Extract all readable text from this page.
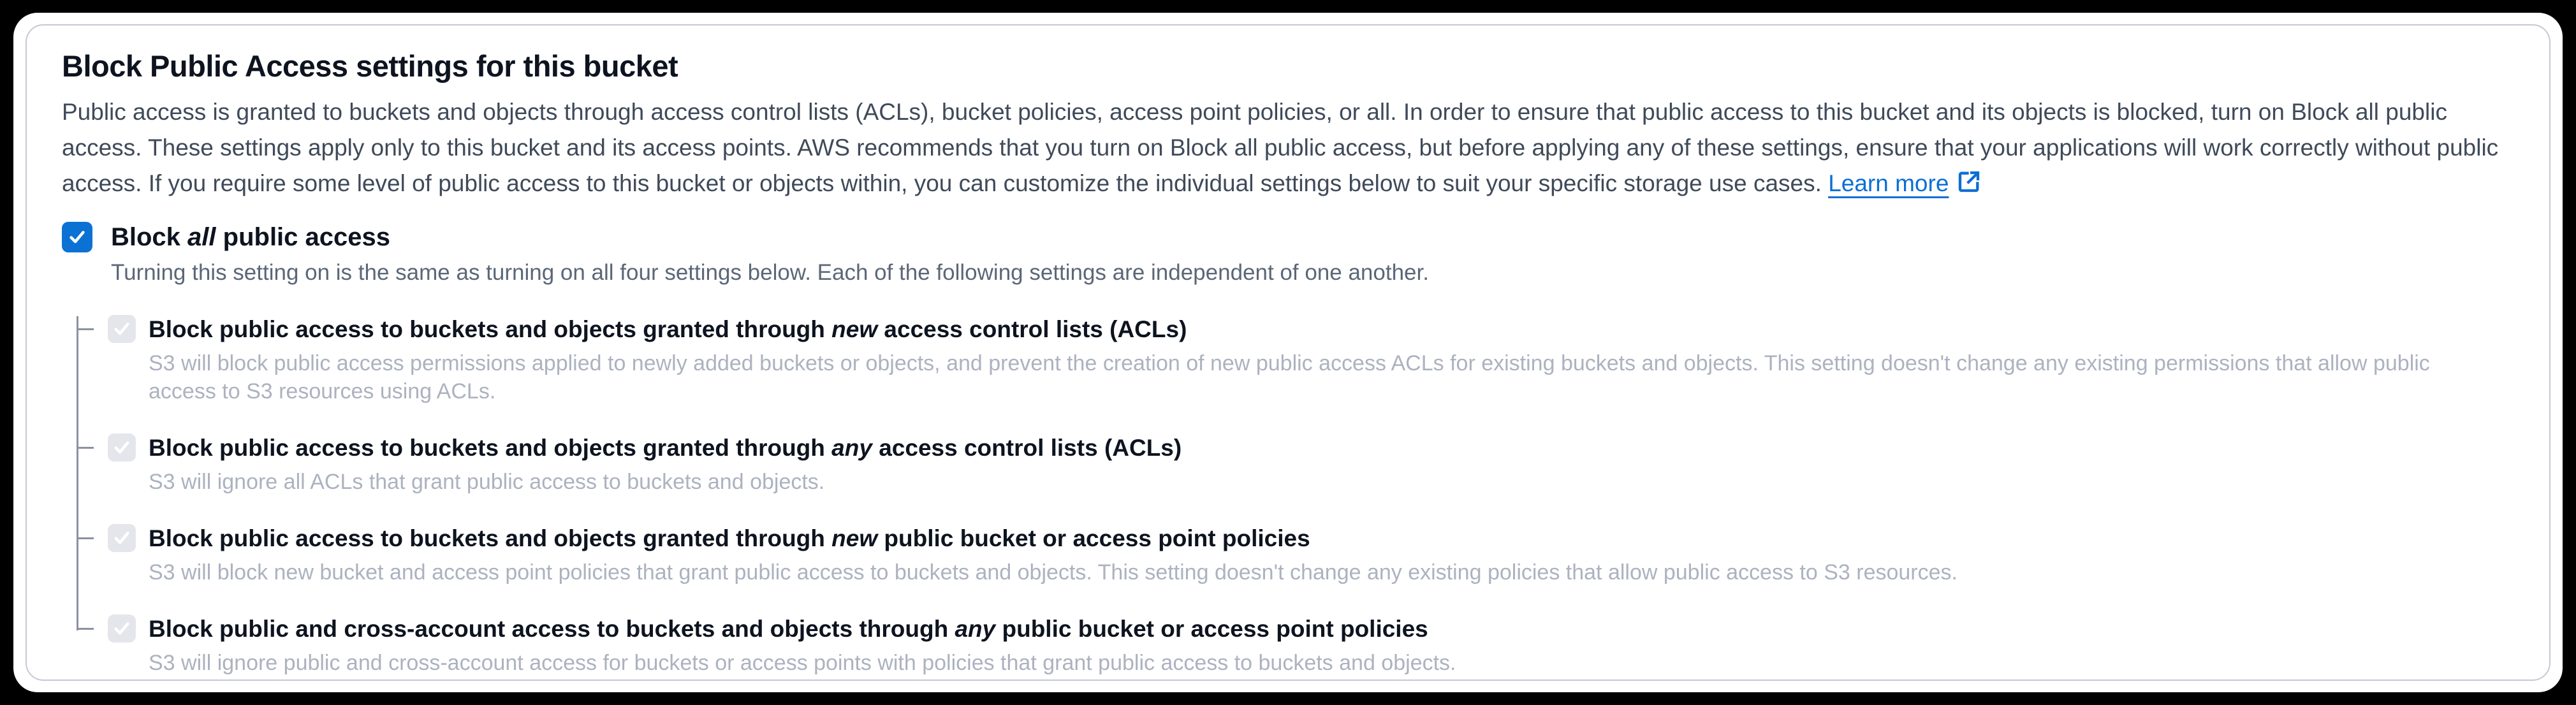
Block Public Access settings for this bucket
Public access is granted to buckets and objects through access control lists (ACLs), bucket policies, access point policies, or all. In order to ensure that public access to this bucket and its objects is blocked, turn on Block all public access. These settings apply only to this bucket and its access points. AWS recommends that you turn on Block all public access, but before applying any of these settings, ensure that your applications will work correctly without public access. If you require some level of public access to this bucket or objects within, you can customize the individual settings below to suit your specific storage use cases. Learn more
Block all public access
Turning this setting on is the same as turning on all four settings below. Each of the following settings are independent of one another.
Block public access to buckets and objects granted through new access control lists (ACLs)
S3 will block public access permissions applied to newly added buckets or objects, and prevent the creation of new public access ACLs for existing buckets and objects. This setting doesn't change any existing permissions that allow public access to S3 resources using ACLs.
Block public access to buckets and objects granted through any access control lists (ACLs)
S3 will ignore all ACLs that grant public access to buckets and objects.
Block public access to buckets and objects granted through new public bucket or access point policies
S3 will block new bucket and access point policies that grant public access to buckets and objects. This setting doesn't change any existing policies that allow public access to S3 resources.
Block public and cross-account access to buckets and objects through any public bucket or access point policies
S3 will ignore public and cross-account access for buckets or access points with policies that grant public access to buckets and objects.
